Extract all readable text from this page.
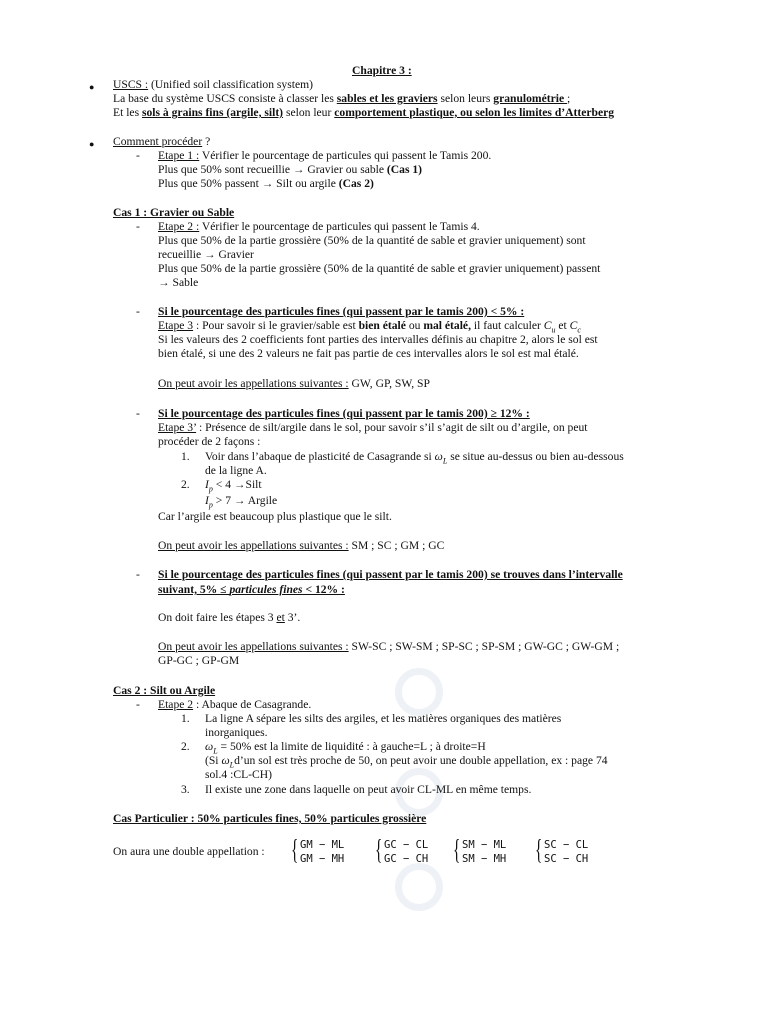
Chapitre 3 :
● USCS : (Unified soil classification system)
La base du système USCS consiste à classer les sables et les graviers selon leurs granulométrie ;
Et les sols à grains fins (argile, silt) selon leur comportement plastique, ou selon les limites d’Atterberg
● Comment procéder ?
- Etape 1 : Vérifier le pourcentage de particules qui passent le Tamis 200.
Plus que 50% sont recueillie → Gravier ou sable (Cas 1)
Plus que 50% passent → Silt ou argile (Cas 2)
Cas 1 : Gravier ou Sable
- Etape 2 : Vérifier le pourcentage de particules qui passent le Tamis 4.
Plus que 50% de la partie grossière (50% de la quantité de sable et gravier uniquement) sont
recueillie → Gravier
Plus que 50% de la partie grossière (50% de la quantité de sable et gravier uniquement) passent
→ Sable
- Si le pourcentage des particules fines (qui passent par le tamis 200) < 5% :
Etape 3 : Pour savoir si le gravier/sable est bien étalé ou mal étalé, il faut calculer $C_u$ et $C_c$
Si les valeurs des 2 coefficients font parties des intervalles définis au chapitre 2, alors le sol est
bien étalé, si une des 2 valeurs ne fait pas partie de ces intervalles alors le sol est mal étalé.
On peut avoir les appellations suivantes : GW, GP, SW, SP
- Si le pourcentage des particules fines (qui passent par le tamis 200) ≥ 12% :
Etape 3’ : Présence de silt/argile dans le sol, pour savoir s’il s’agit de silt ou d’argile, on peut
procéder de 2 façons :
1. Voir dans l’abaque de plasticité de Casagrande si $\omega_L$ se situe au-dessus ou bien au-dessous
de la ligne A.
2. $I_p < 4$ →Silt
$I_p > 7$ → Argile
Car l’argile est beaucoup plus plastique que le silt.
On peut avoir les appellations suivantes : SM ; SC ; GM ; GC
- Si le pourcentage des particules fines (qui passent par le tamis 200) se trouves dans l’intervalle
suivant, 5% ≤ particules fines < 12% :
On doit faire les étapes 3 et 3’.
On peut avoir les appellations suivantes : SW-SC ; SW-SM ; SP-SC ; SP-SM ; GW-GC ; GW-GM ;
GP-GC ; GP-GM
Cas 2 : Silt ou Argile
- Etape 2 : Abaque de Casagrande.
1. La ligne A sépare les silts des argiles, et les matières organiques des matières
inorganiques.
2. $\omega_L = 50\%$ est la limite de liquidité : à gauche=L ; à droite=H
(Si $\omega_Ld’un$ sol est très proche de 50, on peut avoir une double appellation, ex : page 74
sol.4 :CL-CH)
3. Il existe une zone dans laquelle on peut avoir CL-ML en même temps.
Cas Particulier : 50% particules fines, 50% particules grossière
On aura une double appellation : { GM − ML
GM − MH { GC − CL
GC − CH { SM − ML
SM − MH { SC − CL
SC − CH
